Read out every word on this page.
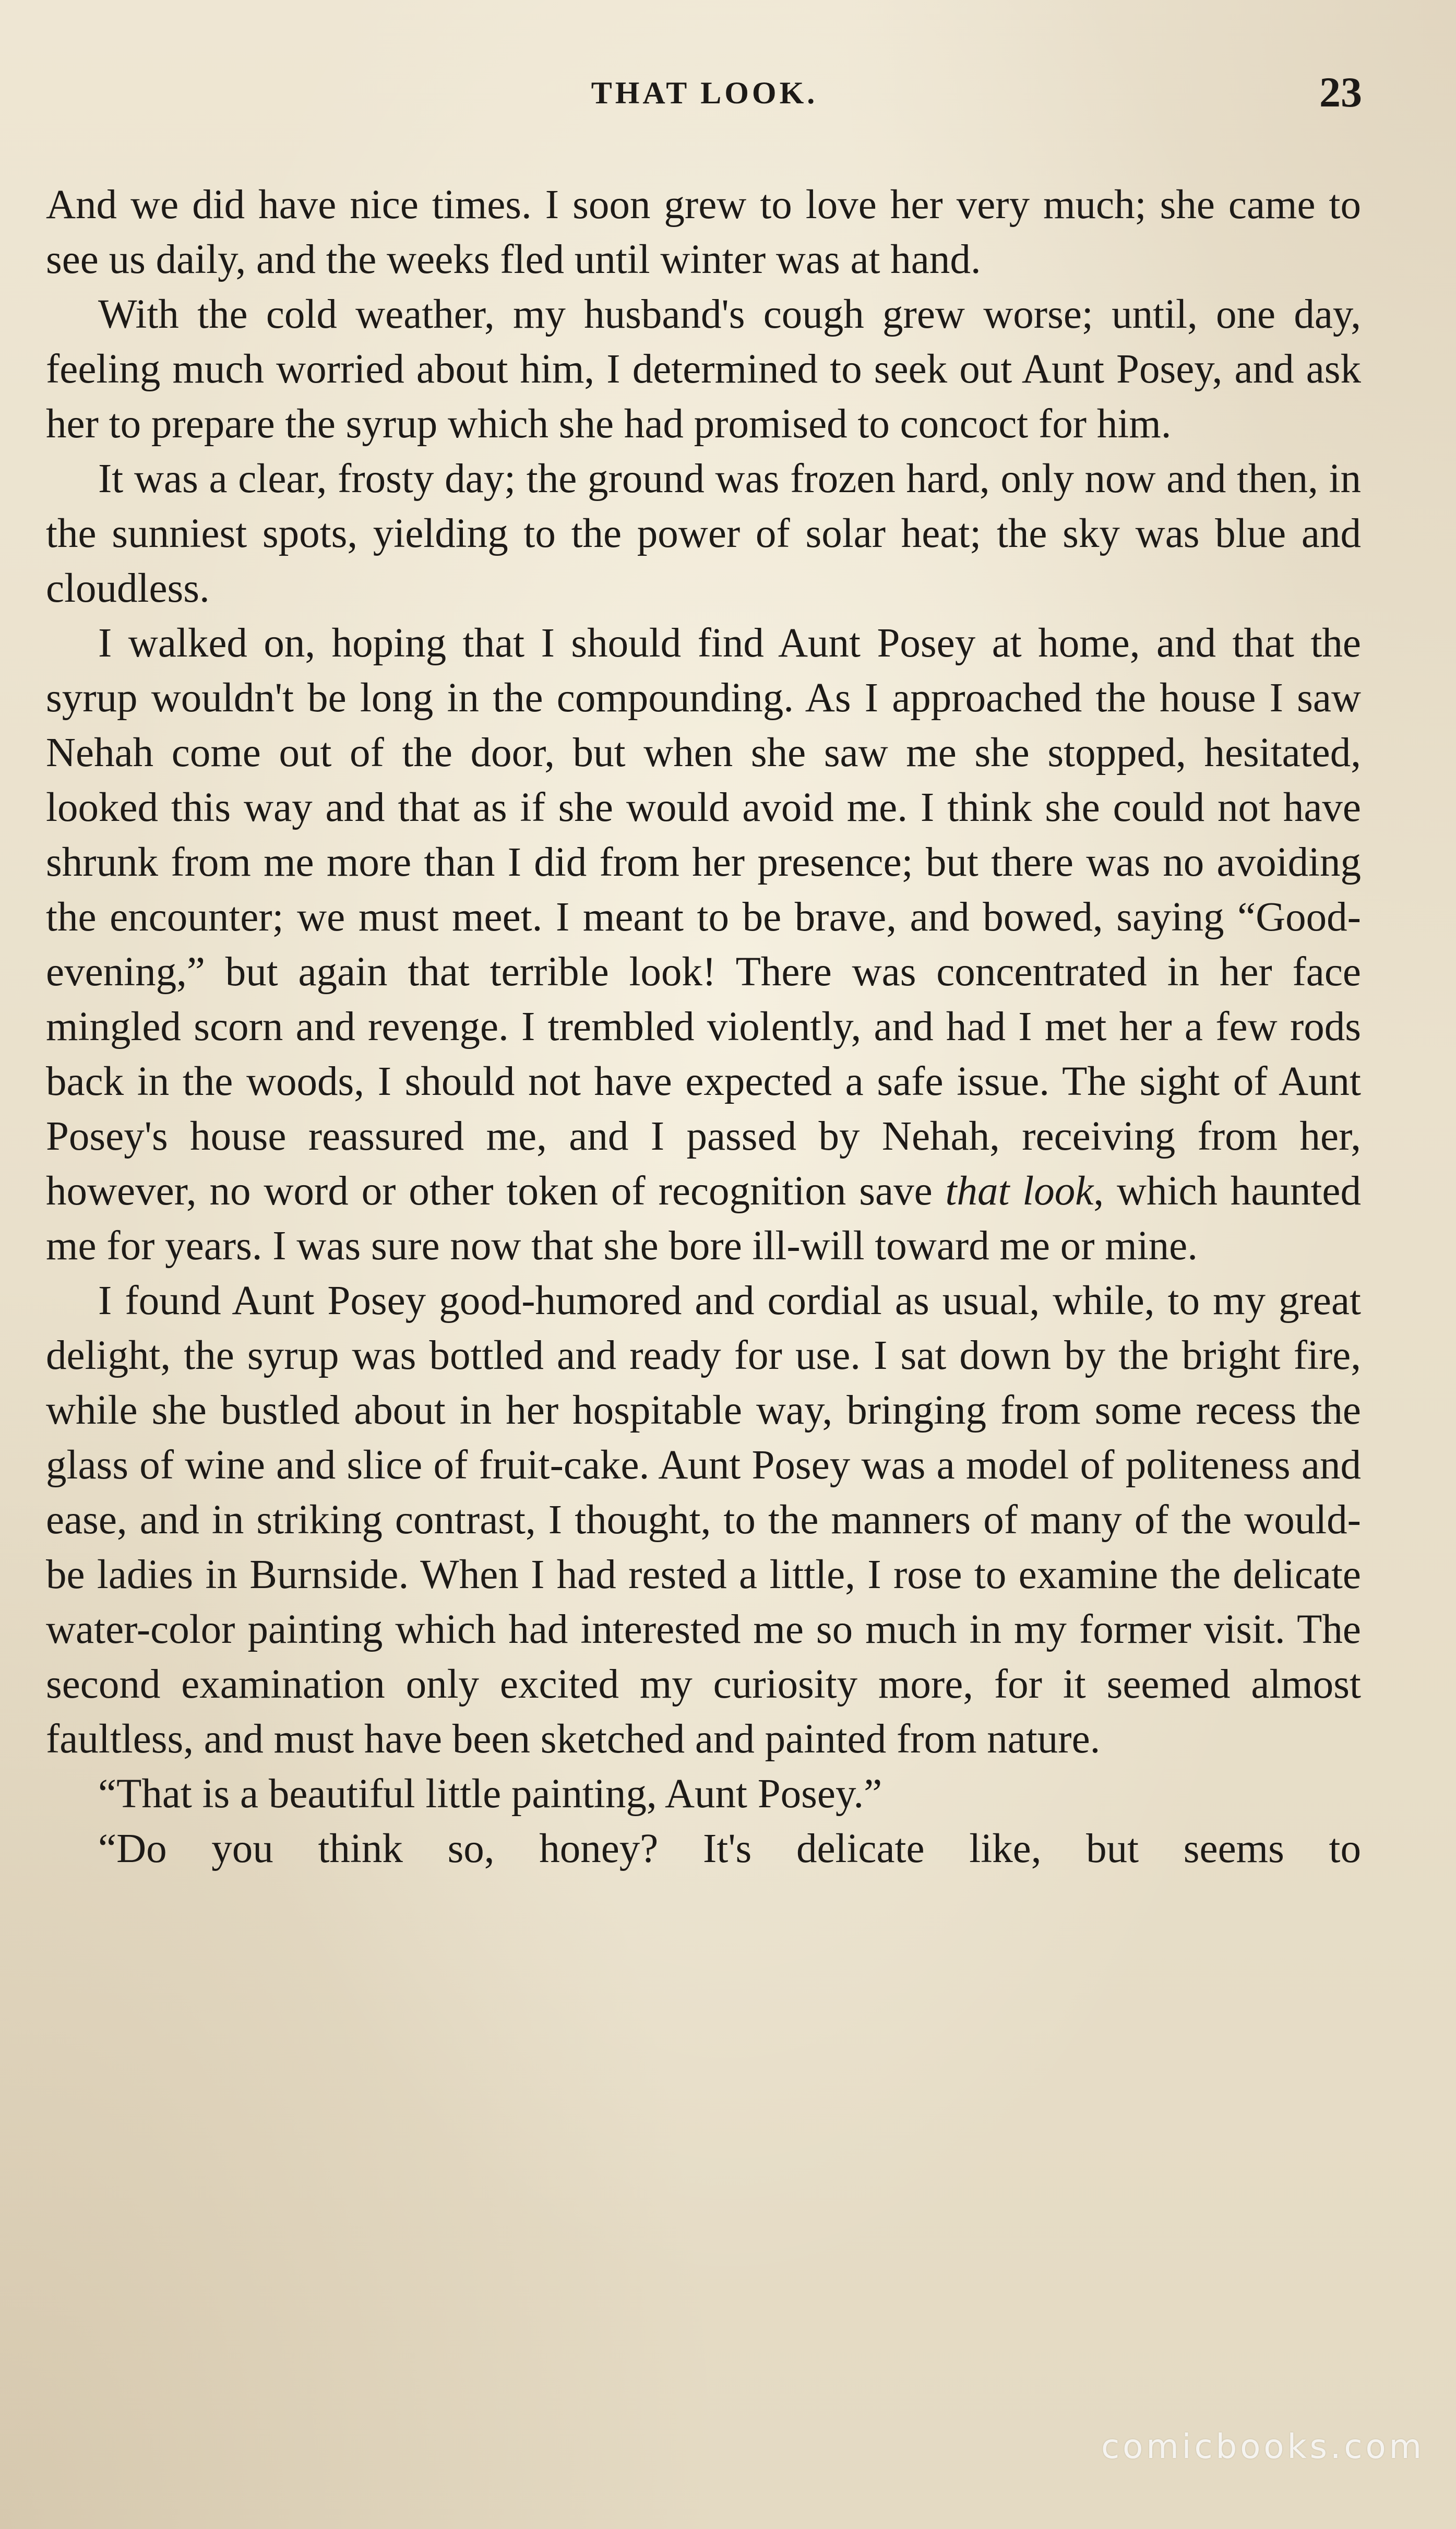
THAT LOOK.	23

And we did have nice times. I soon grew to love her very much; she came to see us daily, and the weeks fled until winter was at hand.

With the cold weather, my husband's cough grew worse; until, one day, feeling much worried about him, I determined to seek out Aunt Posey, and ask her to prepare the syrup which she had promised to concoct for him.

It was a clear, frosty day; the ground was frozen hard, only now and then, in the sunniest spots, yielding to the power of solar heat; the sky was blue and cloudless.

I walked on, hoping that I should find Aunt Posey at home, and that the syrup wouldn't be long in the compounding. As I approached the house I saw Nehah come out of the door, but when she saw me she stopped, hesitated, looked this way and that as if she would avoid me. I think she could not have shrunk from me more than I did from her presence; but there was no avoiding the encounter; we must meet. I meant to be brave, and bowed, saying “Good-evening,” but again that terrible look! There was concentrated in her face mingled scorn and revenge. I trembled violently, and had I met her a few rods back in the woods, I should not have expected a safe issue. The sight of Aunt Posey's house reassured me, and I passed by Nehah, receiving from her, however, no word or other token of recognition save that look, which haunted me for years. I was sure now that she bore ill-will toward me or mine.

I found Aunt Posey good-humored and cordial as usual, while, to my great delight, the syrup was bottled and ready for use. I sat down by the bright fire, while she bustled about in her hospitable way, bringing from some recess the glass of wine and slice of fruit-cake. Aunt Posey was a model of politeness and ease, and in striking contrast, I thought, to the manners of many of the would-be ladies in Burnside. When I had rested a little, I rose to examine the delicate water-color painting which had interested me so much in my former visit. The second examination only excited my curiosity more, for it seemed almost faultless, and must have been sketched and painted from nature.

“That is a beautiful little painting, Aunt Posey.”

“Do you think so, honey? It's delicate like, but seems to

comicbooks.com
